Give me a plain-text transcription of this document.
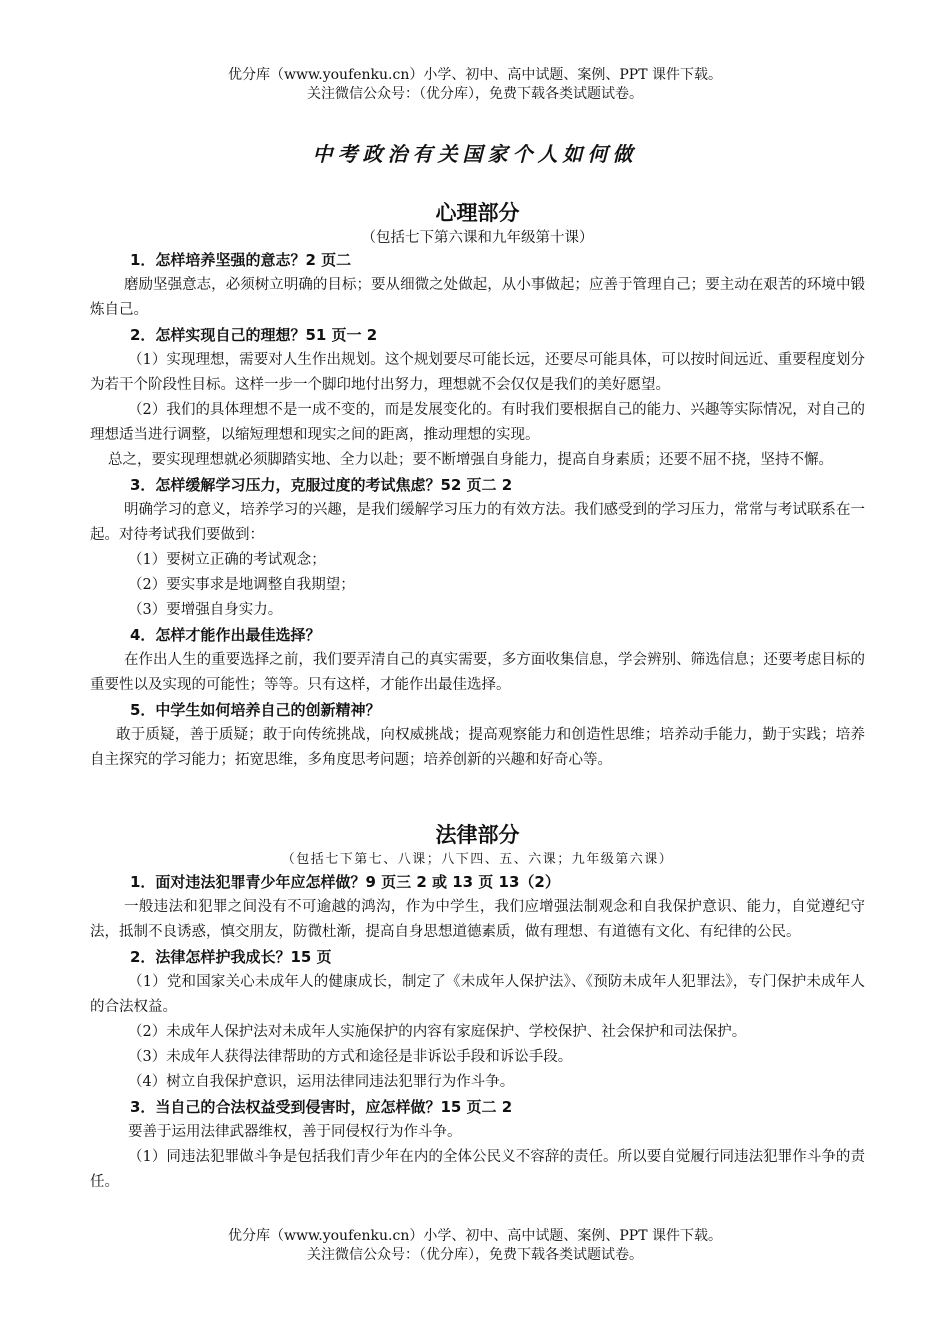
优分库（www.youfenku.cn）小学、初中、高中试题、案例、PPT 课件下载。
关注微信公众号：（优分库），免费下载各类试题试卷。
中考政治有关国家个人如何做
心理部分
（包括七下第六课和九年级第十课）
1．怎样培养坚强的意志？2 页二
磨励坚强意志，必须树立明确的目标；要从细微之处做起，从小事做起；应善于管理自己；要主动在艰苦的环境中锻炼自己。
2．怎样实现自己的理想？51 页一 2
（1）实现理想，需要对人生作出规划。这个规划要尽可能长远，还要尽可能具体，可以按时间远近、重要程度划分为若干个阶段性目标。这样一步一个脚印地付出努力，理想就不会仅仅是我们的美好愿望。
（2）我们的具体理想不是一成不变的，而是发展变化的。有时我们要根据自己的能力、兴趣等实际情况，对自己的理想适当进行调整，以缩短理想和现实之间的距离，推动理想的实现。
总之，要实现理想就必须脚踏实地、全力以赴；要不断增强自身能力，提高自身素质；还要不屈不挠，坚持不懈。
3．怎样缓解学习压力，克服过度的考试焦虑？52 页二 2
明确学习的意义，培养学习的兴趣，是我们缓解学习压力的有效方法。我们感受到的学习压力，常常与考试联系在一起。对待考试我们要做到：
（1）要树立正确的考试观念；
（2）要实事求是地调整自我期望；
（3）要增强自身实力。
4．怎样才能作出最佳选择？
在作出人生的重要选择之前，我们要弄清自己的真实需要，多方面收集信息，学会辨别、筛选信息；还要考虑目标的重要性以及实现的可能性；等等。只有这样，才能作出最佳选择。
5．中学生如何培养自己的创新精神？
敢于质疑，善于质疑；敢于向传统挑战，向权威挑战；提高观察能力和创造性思维；培养动手能力，勤于实践；培养自主探究的学习能力；拓宽思维，多角度思考问题；培养创新的兴趣和好奇心等。
法律部分
（包括七下第七、八课；八下四、五、六课；九年级第六课）
1．面对违法犯罪青少年应怎样做？9 页三 2 或 13 页 13（2）
一般违法和犯罪之间没有不可逾越的鸿沟，作为中学生，我们应增强法制观念和自我保护意识、能力，自觉遵纪守法，抵制不良诱惑，慎交朋友，防微杜渐，提高自身思想道德素质，做有理想、有道德有文化、有纪律的公民。
2．法律怎样护我成长？15 页
（1）党和国家关心未成年人的健康成长，制定了《未成年人保护法》、《预防未成年人犯罪法》，专门保护未成年人的合法权益。
（2）未成年人保护法对未成年人实施保护的内容有家庭保护、学校保护、社会保护和司法保护。
（3）未成年人获得法律帮助的方式和途径是非诉讼手段和诉讼手段。
（4）树立自我保护意识，运用法律同违法犯罪行为作斗争。
3．当自己的合法权益受到侵害时，应怎样做？15 页二 2
要善于运用法律武器维权，善于同侵权行为作斗争。
（1）同违法犯罪做斗争是包括我们青少年在内的全体公民义不容辞的责任。所以要自觉履行同违法犯罪作斗争的责任。
优分库（www.youfenku.cn）小学、初中、高中试题、案例、PPT 课件下载。
关注微信公众号：（优分库），免费下载各类试题试卷。
